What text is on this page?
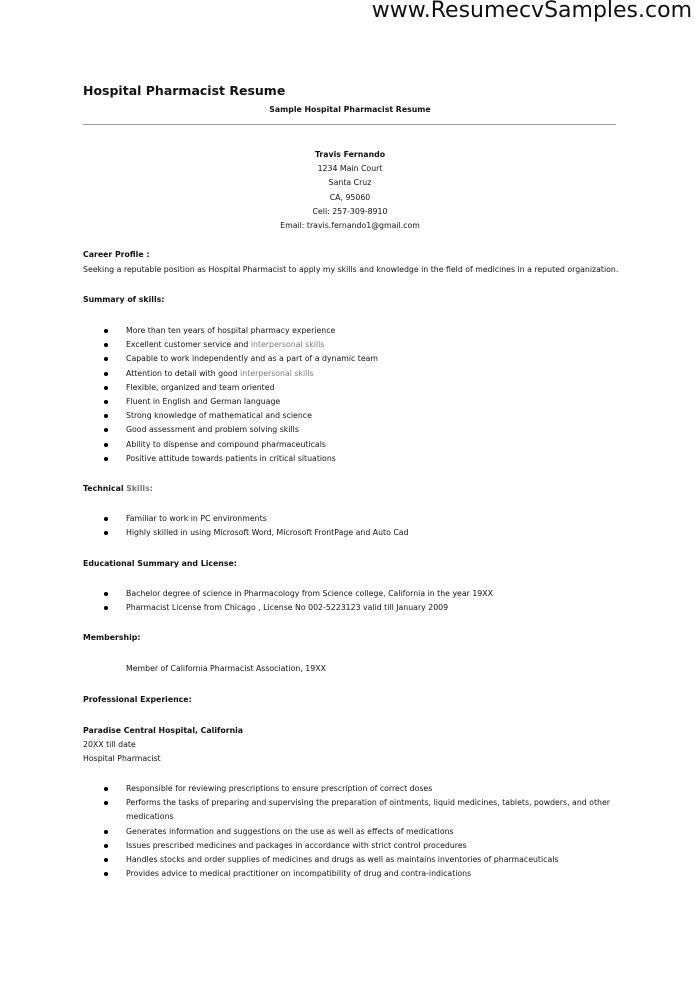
www.ResumecvSamples.com
Hospital Pharmacist Resume
Sample Hospital Pharmacist Resume
Travis Fernando
1234 Main Court
Santa Cruz
CA, 95060
Cell: 257-309-8910
Email: travis.fernando1@gmail.com
Career Profile :
Seeking a reputable position as Hospital Pharmacist to apply my skills and knowledge in the field of medicines in a reputed organization.
Summary of skills:
More than ten years of hospital pharmacy experience
Excellent customer service and interpersonal skills
Capable to work independently and as a part of a dynamic team
Attention to detail with good interpersonal skills
Flexible, organized and team oriented
Fluent in English and German language
Strong knowledge of mathematical and science
Good assessment and problem solving skills
Ability to dispense and compound pharmaceuticals
Positive attitude towards patients in critical situations
Technical Skills:
Familiar to work in PC environments
Highly skilled in using Microsoft Word, Microsoft FrontPage and Auto Cad
Educational Summary and License:
Bachelor degree of science in Pharmacology from Science college, California in the year 19XX
Pharmacist License from Chicago , License No 002-5223123 valid till January 2009
Membership:
Member of California Pharmacist Association, 19XX
Professional Experience:
Paradise Central Hospital, California
20XX till date
Hospital Pharmacist
Responsible for reviewing prescriptions to ensure prescription of correct doses
Performs the tasks of preparing and supervising the preparation of ointments, liquid medicines, tablets, powders, and other medications
Generates information and suggestions on the use as well as effects of medications
Issues prescribed medicines and packages in accordance with strict control procedures
Handles stocks and order supplies of medicines and drugs as well as maintains inventories of pharmaceuticals
Provides advice to medical practitioner on incompatibility of drug and contra-indications
